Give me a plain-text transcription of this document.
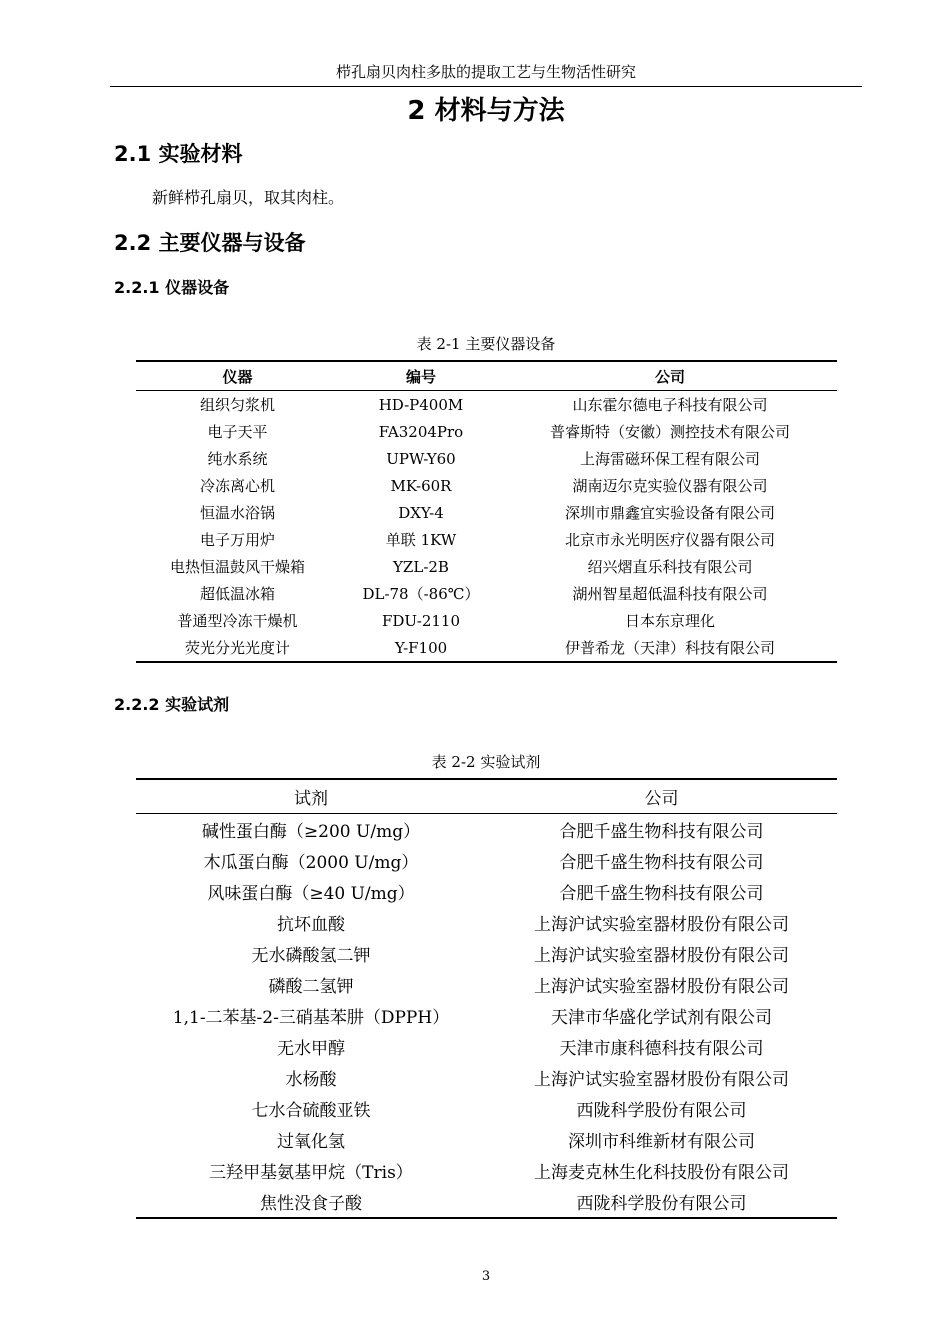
栉孔扇贝肉柱多肽的提取工艺与生物活性研究
2 材料与方法
2.1 实验材料
新鲜栉孔扇贝，取其肉柱。
2.2 主要仪器与设备
2.2.1 仪器设备
表 2-1 主要仪器设备
仪器	编号	公司
组织匀浆机	HD-P400M	山东霍尔德电子科技有限公司
电子天平	FA3204Pro	普睿斯特（安徽）测控技术有限公司
纯水系统	UPW-Y60	上海雷磁环保工程有限公司
冷冻离心机	MK-60R	湖南迈尔克实验仪器有限公司
恒温水浴锅	DXY-4	深圳市鼎鑫宜实验设备有限公司
电子万用炉	单联 1KW	北京市永光明医疗仪器有限公司
电热恒温鼓风干燥箱	YZL-2B	绍兴熠直乐科技有限公司
超低温冰箱	DL-78（-86℃）	湖州智星超低温科技有限公司
普通型冷冻干燥机	FDU-2110	日本东京理化
荧光分光光度计	Y-F100	伊普希龙（天津）科技有限公司
2.2.2 实验试剂
表 2-2 实验试剂
试剂	公司
碱性蛋白酶（≥200 U/mg）	合肥千盛生物科技有限公司
木瓜蛋白酶（2000 U/mg）	合肥千盛生物科技有限公司
风味蛋白酶（≥40 U/mg）	合肥千盛生物科技有限公司
抗坏血酸	上海沪试实验室器材股份有限公司
无水磷酸氢二钾	上海沪试实验室器材股份有限公司
磷酸二氢钾	上海沪试实验室器材股份有限公司
1,1-二苯基-2-三硝基苯肼（DPPH）	天津市华盛化学试剂有限公司
无水甲醇	天津市康科德科技有限公司
水杨酸	上海沪试实验室器材股份有限公司
七水合硫酸亚铁	西陇科学股份有限公司
过氧化氢	深圳市科维新材有限公司
三羟甲基氨基甲烷（Tris）	上海麦克林生化科技股份有限公司
焦性没食子酸	西陇科学股份有限公司
3
